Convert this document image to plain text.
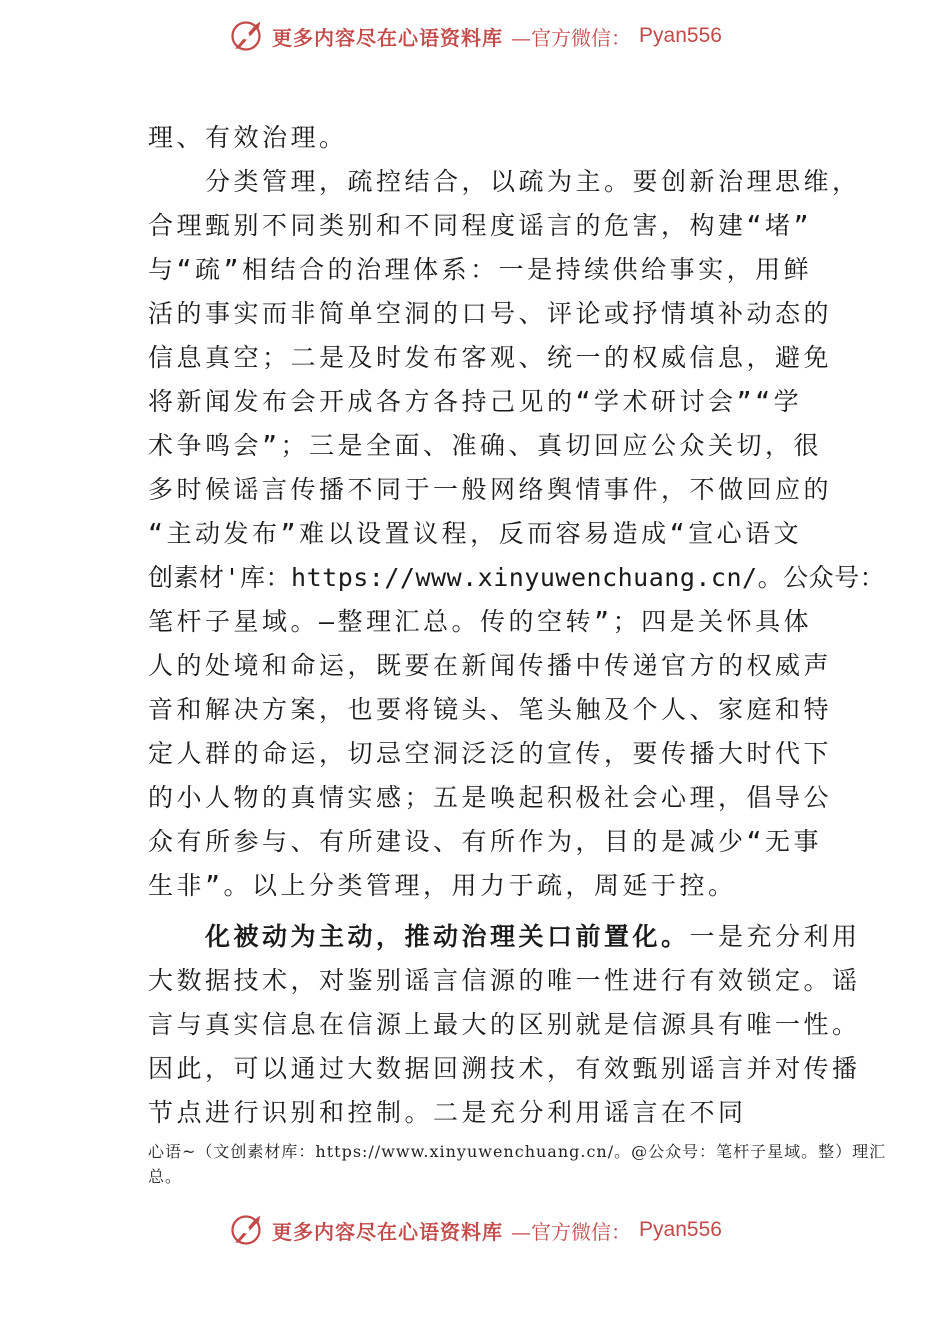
更多内容尽在心语资料库 —官方微信： Pyan556
理、有效治理。
　　分类管理，疏控结合，以疏为主。要创新治理思维，
合理甄别不同类别和不同程度谣言的危害，构建“堵”
与“疏”相结合的治理体系：一是持续供给事实，用鲜
活的事实而非简单空洞的口号、评论或抒情填补动态的
信息真空；二是及时发布客观、统一的权威信息，避免
将新闻发布会开成各方各持己见的“学术研讨会”“学
术争鸣会”；三是全面、准确、真切回应公众关切，很
多时候谣言传播不同于一般网络舆情事件，不做回应的
“主动发布”难以设置议程，反而容易造成“宣心语文
创素材'库：https://www.xinyuwenchuang.cn/。公众号：
笔杆子星域。—整理汇总。传的空转”；四是关怀具体
人的处境和命运，既要在新闻传播中传递官方的权威声
音和解决方案，也要将镜头、笔头触及个人、家庭和特
定人群的命运，切忌空洞泛泛的宣传，要传播大时代下
的小人物的真情实感；五是唤起积极社会心理，倡导公
众有所参与、有所建设、有所作为，目的是减少“无事
生非”。以上分类管理，用力于疏，周延于控。
　　化被动为主动，推动治理关口前置化。一是充分利用
大数据技术，对鉴别谣言信源的唯一性进行有效锁定。谣
言与真实信息在信源上最大的区别就是信源具有唯一性。
因此，可以通过大数据回溯技术，有效甄别谣言并对传播
节点进行识别和控制。二是充分利用谣言在不同
心语~（文创素材库：https://www.xinyuwenchuang.cn/。@公众号：笔杆子星域。整）理汇
总。
更多内容尽在心语资料库 —官方微信： Pyan556
